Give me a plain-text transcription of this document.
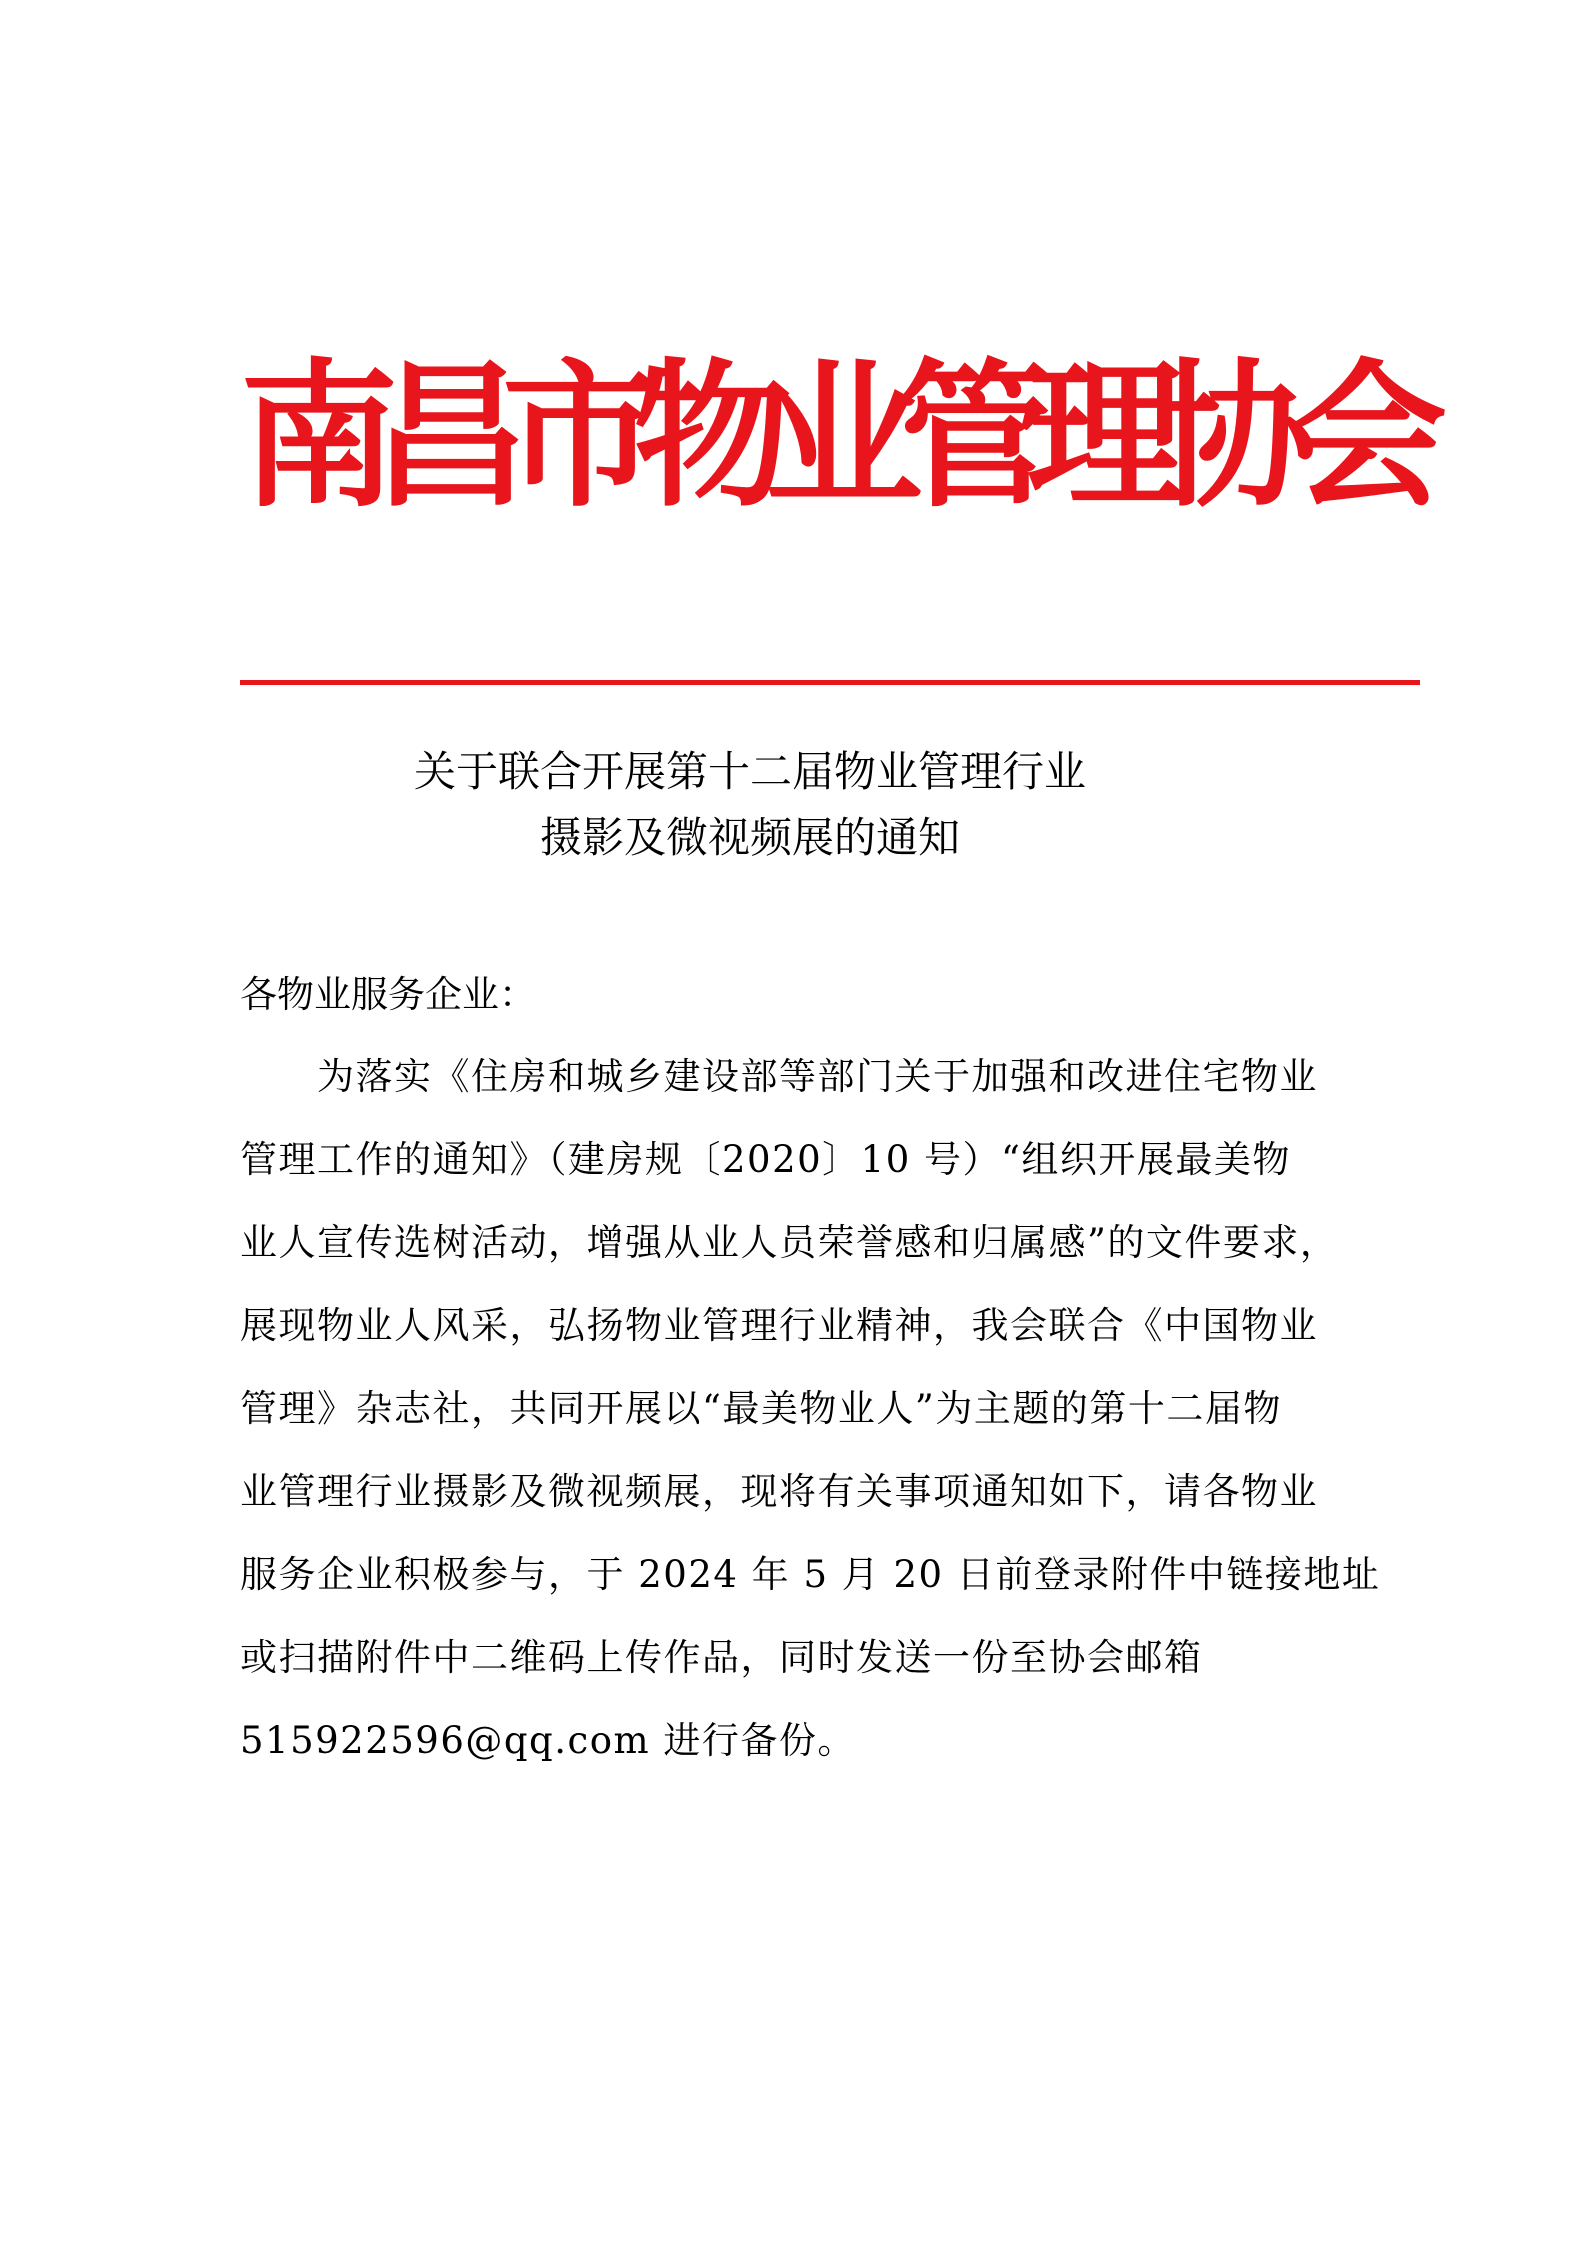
南
昌
市
物
业
管
理
协
会
关于联合开展第十二届物业管理行业
摄影及微视频展的通知
各物业服务企业：
　　为落实《住房和城乡建设部等部门关于加强和改进住宅物业
管理工作的通知》（建房规〔2020〕10 号）“组织开展最美物
业人宣传选树活动，增强从业人员荣誉感和归属感”的文件要求，
展现物业人风采，弘扬物业管理行业精神，我会联合《中国物业
管理》杂志社，共同开展以“最美物业人”为主题的第十二届物
业管理行业摄影及微视频展，现将有关事项通知如下，请各物业
服务企业积极参与，于 2024 年 5 月 20 日前登录附件中链接地址
或扫描附件中二维码上传作品，同时发送一份至协会邮箱
515922596@qq.com 进行备份。
